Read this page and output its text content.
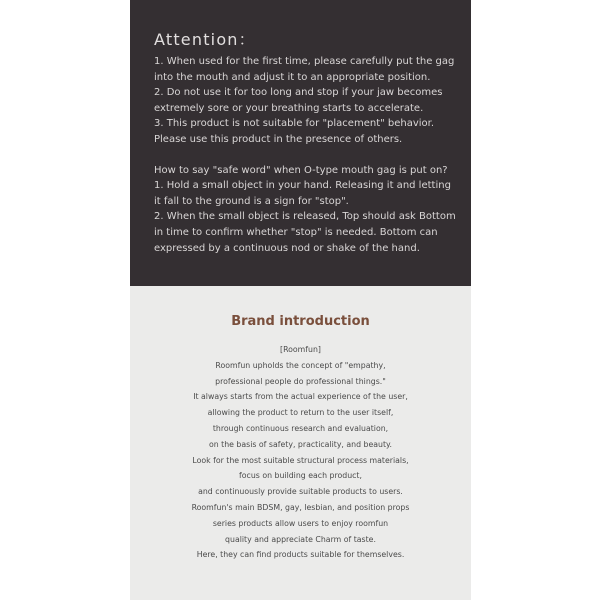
Attention：
1. When used for the first time, please carefully put the gag
into the mouth and adjust it to an appropriate position.
2. Do not use it for too long and stop if your jaw becomes
extremely sore or your breathing starts to accelerate.
3. This product is not suitable for "placement" behavior.
Please use this product in the presence of others.
How to say "safe word" when O-type mouth gag is put on?
1. Hold a small object in your hand. Releasing it and letting
it fall to the ground is a sign for "stop".
2. When the small object is released, Top should ask Bottom
in time to confirm whether "stop" is needed. Bottom can
expressed by a continuous nod or shake of the hand.
Brand introduction
[Roomfun]
Roomfun upholds the concept of "empathy,
professional people do professional things."
It always starts from the actual experience of the user,
allowing the product to return to the user itself,
through continuous research and evaluation,
on the basis of safety, practicality, and beauty.
Look for the most suitable structural process materials,
focus on building each product,
and continuously provide suitable products to users.
Roomfun's main BDSM, gay, lesbian, and position props
series products allow users to enjoy roomfun
quality and appreciate Charm of taste.
Here, they can find products suitable for themselves.
